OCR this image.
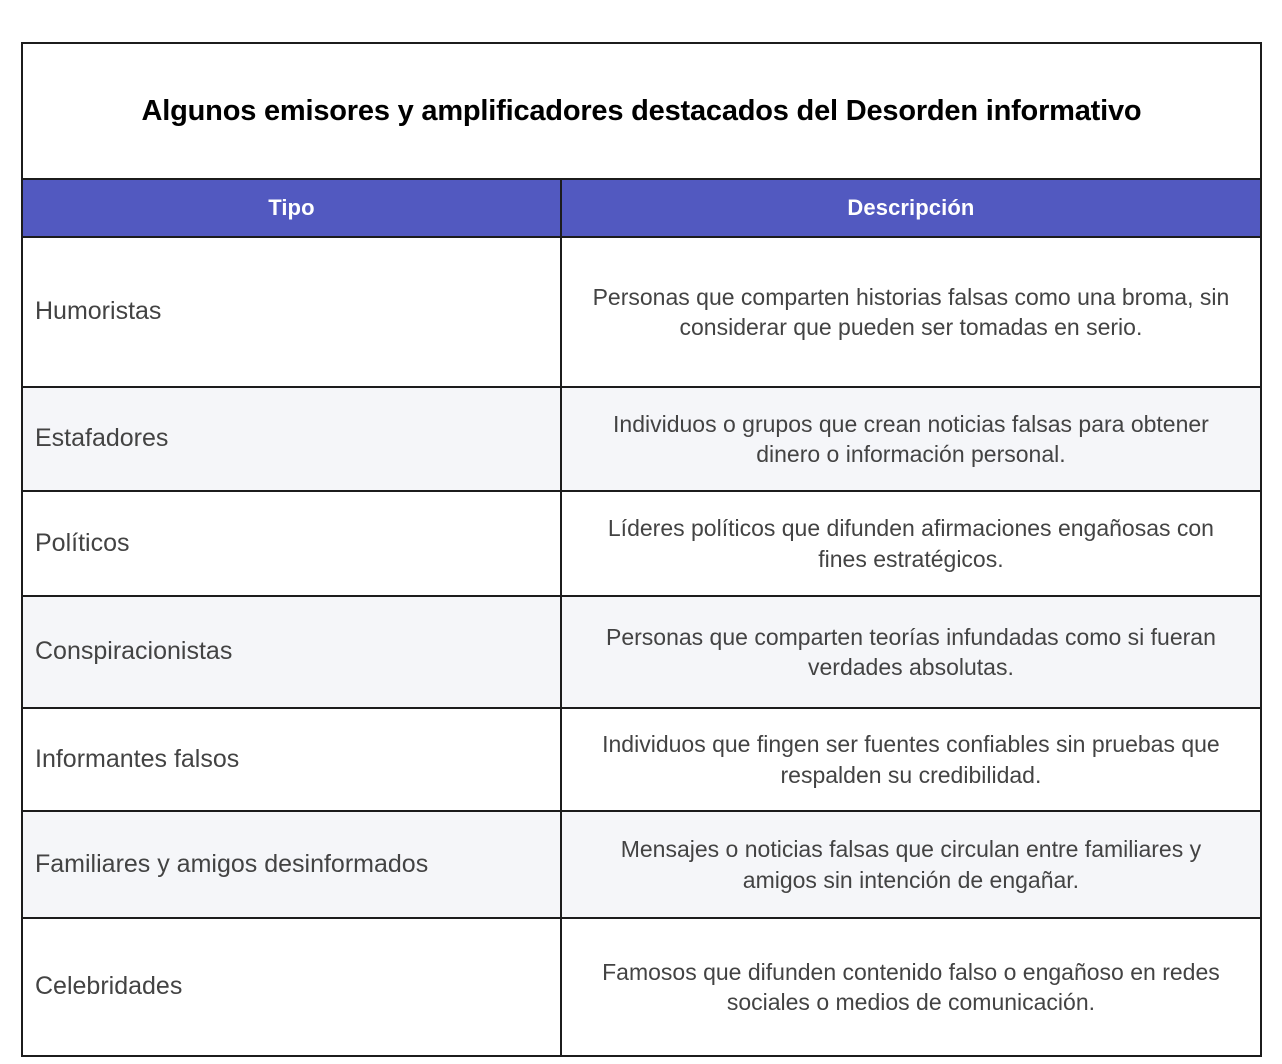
Algunos emisores y amplificadores destacados del Desorden informativo	
Tipo	Descripción
Humoristas	Personas que comparten historias falsas como una broma, sin considerar que pueden ser tomadas en serio.
Estafadores	Individuos o grupos que crean noticias falsas para obtener dinero o información personal.
Políticos	Líderes políticos que difunden afirmaciones engañosas con fines estratégicos.
Conspiracionistas	Personas que comparten teorías infundadas como si fueran verdades absolutas.
Informantes falsos	Individuos que fingen ser fuentes confiables sin pruebas que respalden su credibilidad.
Familiares y amigos desinformados	Mensajes o noticias falsas que circulan entre familiares y amigos sin intención de engañar.
Celebridades	Famosos que difunden contenido falso o engañoso en redes sociales o medios de comunicación.
